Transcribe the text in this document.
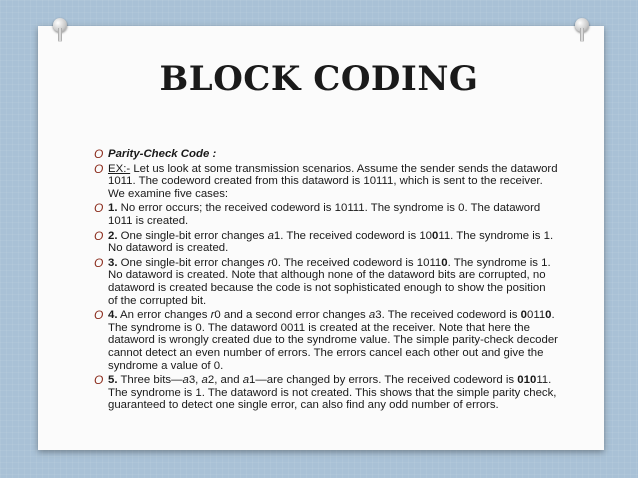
BLOCK CODING
O Parity-Check Code :
O EX:- Let us look at some transmission scenarios. Assume the sender sends the dataword 1011. The codeword created from this dataword is 10111, which is sent to the receiver. We examine five cases:
O 1. No error occurs; the received codeword is 10111. The syndrome is 0. The dataword 1011 is created.
O 2. One single-bit error changes a1. The received codeword is 10011. The syndrome is 1. No dataword is created.
O 3. One single-bit error changes r0. The received codeword is 10110. The syndrome is 1. No dataword is created. Note that although none of the dataword bits are corrupted, no dataword is created because the code is not sophisticated enough to show the position of the corrupted bit.
O 4. An error changes r0 and a second error changes a3. The received codeword is 00110. The syndrome is 0. The dataword 0011 is created at the receiver. Note that here the dataword is wrongly created due to the syndrome value. The simple parity-check decoder cannot detect an even number of errors. The errors cancel each other out and give the syndrome a value of 0.
O 5. Three bits—a3, a2, and a1—are changed by errors. The received codeword is 01011. The syndrome is 1. The dataword is not created. This shows that the simple parity check, guaranteed to detect one single error, can also find any odd number of errors.
